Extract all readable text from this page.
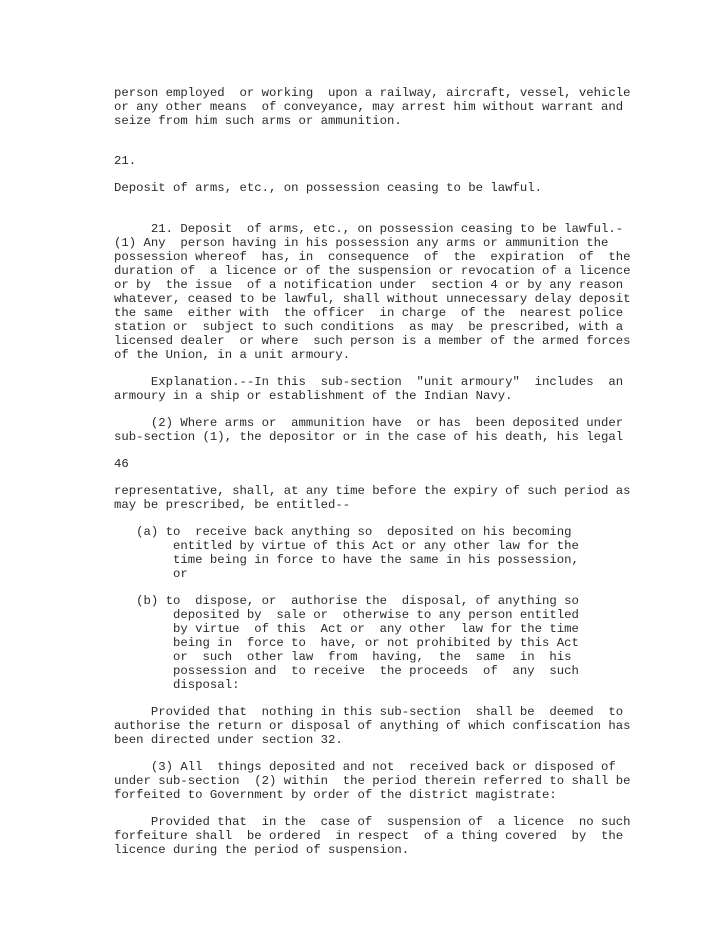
person employed  or working  upon a railway, aircraft, vessel, vehicle

or any other means  of conveyance, may arrest him without warrant and

seize from him such arms or ammunition.

21.

Deposit of arms, etc., on possession ceasing to be lawful.

21. Deposit  of arms, etc., on possession ceasing to be lawful.-

(1) Any  person having in his possession any arms or ammunition the

possession whereof  has, in  consequence  of  the  expiration  of  the

duration of  a licence or of the suspension or revocation of a licence

or by  the issue  of a notification under  section 4 or by any reason

whatever, ceased to be lawful, shall without unnecessary delay deposit

the same  either with  the officer  in charge  of the  nearest police

station or  subject to such conditions  as may  be prescribed, with a

licensed dealer  or where  such person is a member of the armed forces

of the Union, in a unit armoury.

Explanation.--In this  sub-section  "unit armoury"  includes  an

armoury in a ship or establishment of the Indian Navy.

(2) Where arms or  ammunition have  or has  been deposited under

sub-section (1), the depositor or in the case of his death, his legal

46

representative, shall, at any time before the expiry of such period as

may be prescribed, be entitled--

(a) to  receive back anything so  deposited on his becoming

entitled by virtue of this Act or any other law for the

time being in force to have the same in his possession,

or

(b) to  dispose, or  authorise the  disposal, of anything so

deposited by  sale or  otherwise to any person entitled

by virtue  of this  Act or  any other  law for the time

being in  force to  have, or not prohibited by this Act

or  such  other law  from  having,  the  same  in  his

possession and  to receive  the proceeds  of  any  such

disposal:

Provided that  nothing in this sub-section  shall be  deemed  to

authorise the return or disposal of anything of which confiscation has

been directed under section 32.

(3) All  things deposited and not  received back or disposed of

under sub-section  (2) within  the period therein referred to shall be

forfeited to Government by order of the district magistrate:

Provided that  in the  case of  suspension of  a licence  no such

forfeiture shall  be ordered  in respect  of a thing covered  by  the

licence during the period of suspension.
